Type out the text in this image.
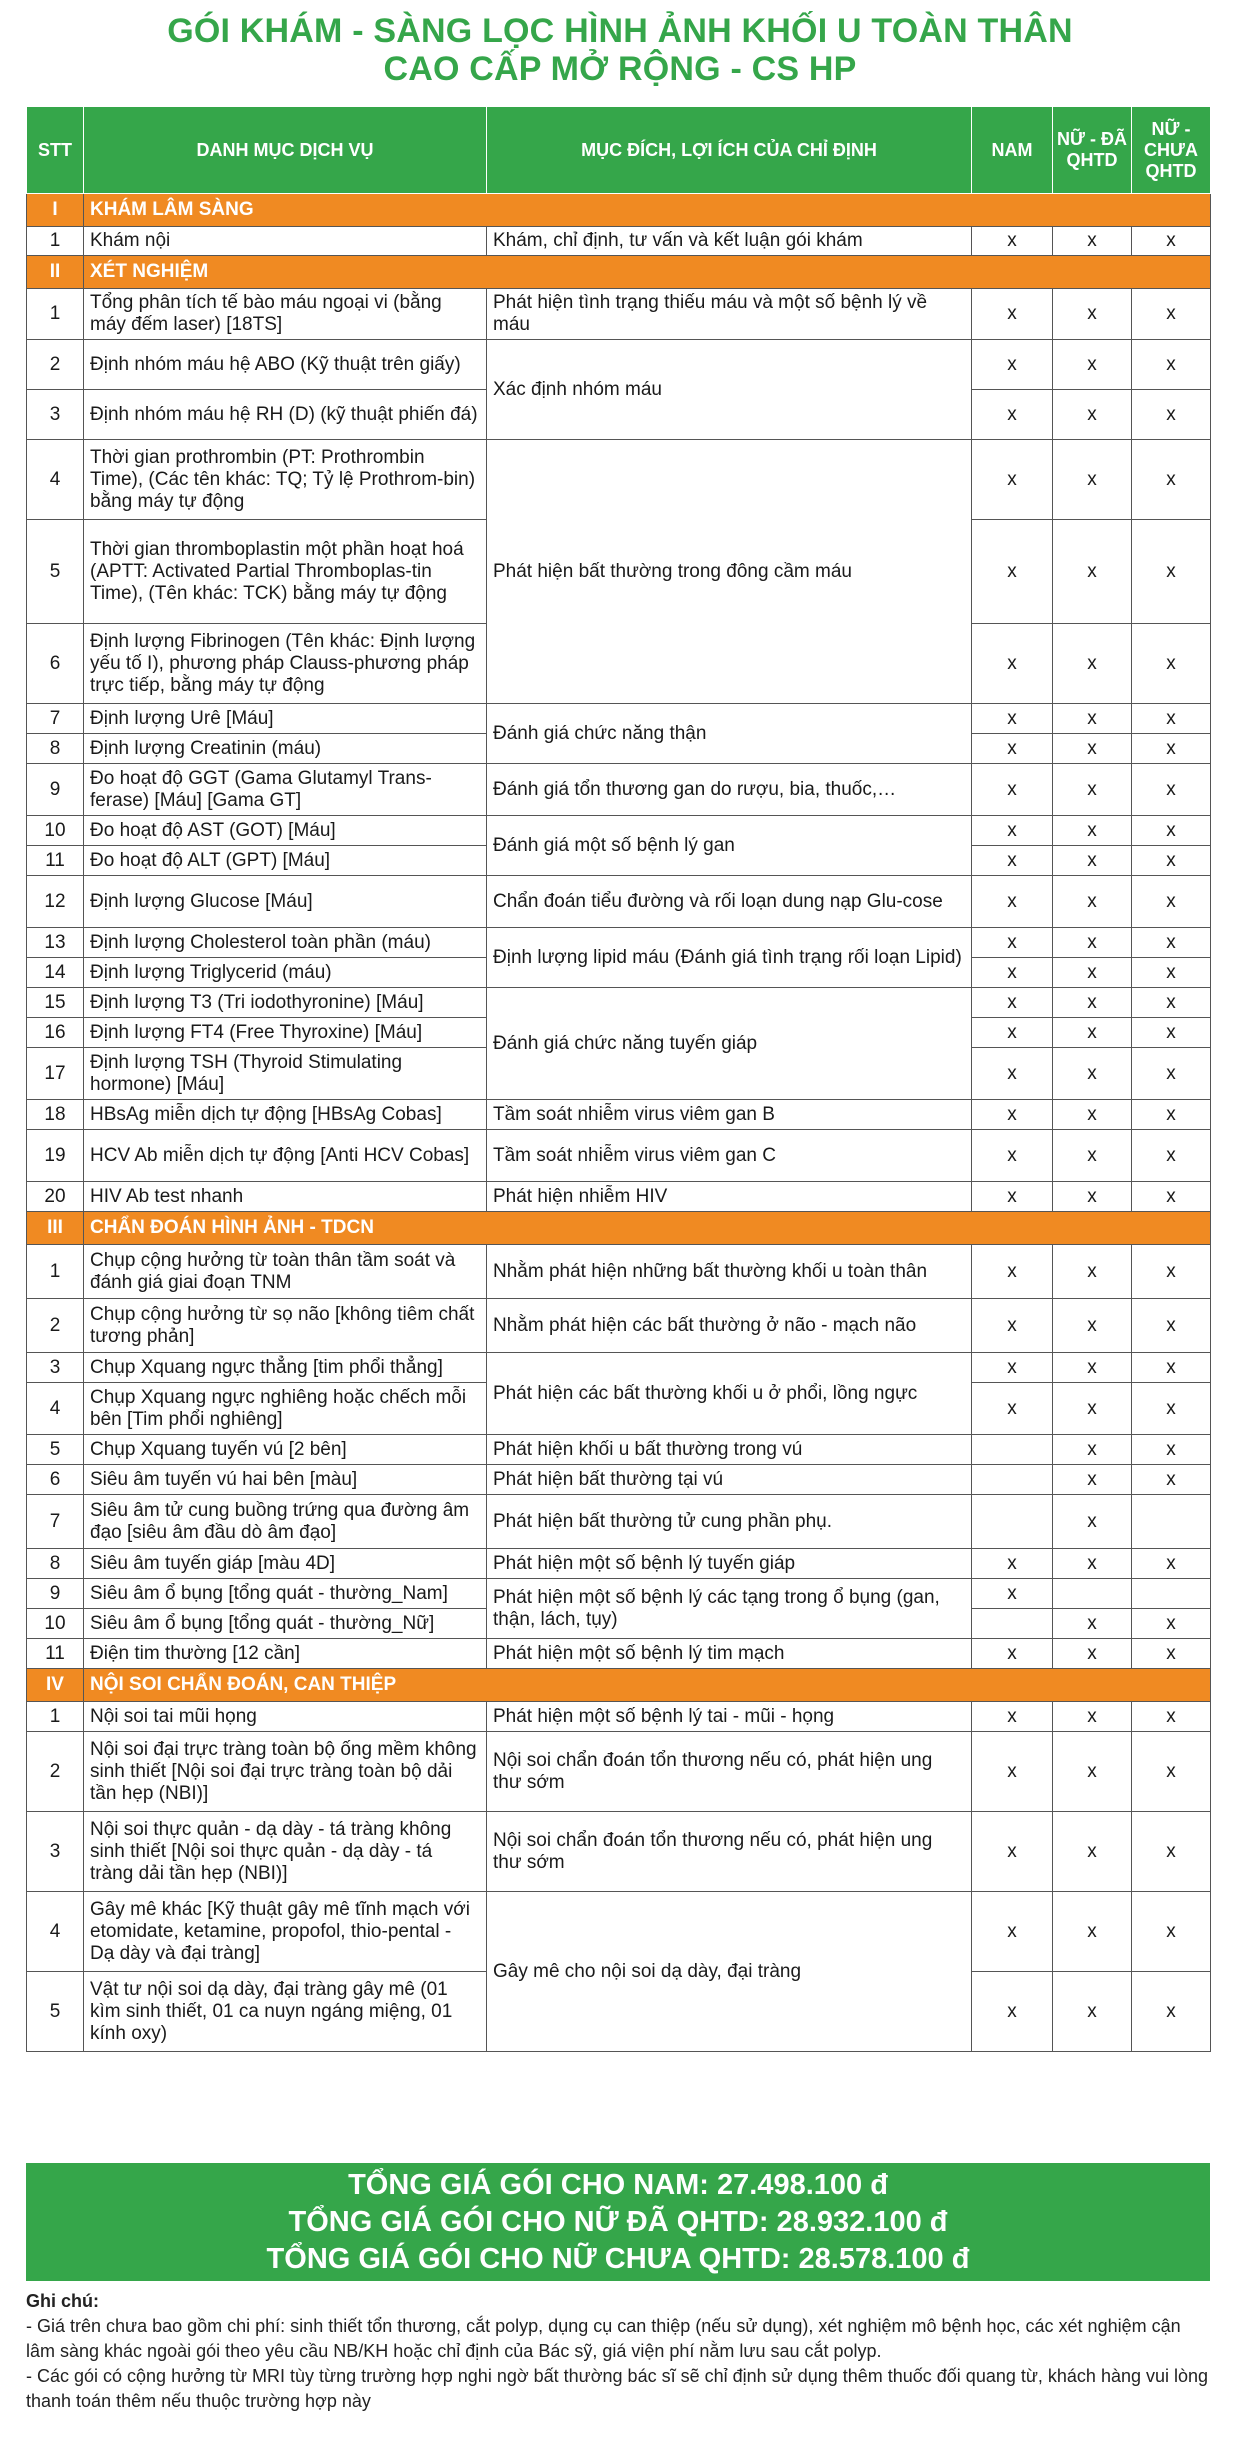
GÓI KHÁM - SÀNG LỌC HÌNH ẢNH KHỐI U TOÀN THÂN
CAO CẤP MỞ RỘNG - CS HP
STT	DANH MỤC DỊCH VỤ	MỤC ĐÍCH, LỢI ÍCH CỦA CHỈ ĐỊNH	NAM	NỮ - ĐÃ QHTD	NỮ - CHƯA QHTD
I	KHÁM LÂM SÀNG				
1	Khám nội	Khám, chỉ định, tư vấn và kết luận gói khám	x	x	x
II	XÉT NGHIỆM				
1	Tổng phân tích tế bào máu ngoại vi (bằng máy đếm laser) [18TS]	Phát hiện tình trạng thiếu máu và một số bệnh lý về máu	x	x	x
2	Định nhóm máu hệ ABO (Kỹ thuật trên giấy)	Xác định nhóm máu	x	x	x
3	Định nhóm máu hệ RH (D) (kỹ thuật phiến đá)		x	x	x
4	Thời gian prothrombin (PT: Prothrombin Time), (Các tên khác: TQ; Tỷ lệ Prothrom-bin) bằng máy tự động	Phát hiện bất thường trong đông cầm máu	x	x	x
5	Thời gian thromboplastin một phần hoạt hoá (APTT: Activated Partial Thromboplas-tin Time), (Tên khác: TCK) bằng máy tự động		x	x	x
6	Định lượng Fibrinogen (Tên khác: Định lượng yếu tố I), phương pháp Clauss-phương pháp trực tiếp, bằng máy tự động		x	x	x
7	Định lượng Urê [Máu]	Đánh giá chức năng thận	x	x	x
8	Định lượng Creatinin (máu)		x	x	x
9	Đo hoạt độ GGT (Gama Glutamyl Trans-ferase) [Máu] [Gama GT]	Đánh giá tổn thương gan do rượu, bia, thuốc,…	x	x	x
10	Đo hoạt độ AST (GOT) [Máu]	Đánh giá một số bệnh lý gan	x	x	x
11	Đo hoạt độ ALT (GPT) [Máu]		x	x	x
12	Định lượng Glucose [Máu]	Chẩn đoán tiểu đường và rối loạn dung nạp Glu-cose	x	x	x
13	Định lượng Cholesterol toàn phần (máu)	Định lượng lipid máu (Đánh giá tình trạng rối loạn Lipid)	x	x	x
14	Định lượng Triglycerid (máu)		x	x	x
15	Định lượng T3 (Tri iodothyronine) [Máu]	Đánh giá chức năng tuyến giáp	x	x	x
16	Định lượng FT4 (Free Thyroxine) [Máu]		x	x	x
17	Định lượng TSH (Thyroid Stimulating hormone) [Máu]		x	x	x
18	HBsAg miễn dịch tự động [HBsAg Cobas]	Tầm soát nhiễm virus viêm gan B	x	x	x
19	HCV Ab miễn dịch tự động [Anti HCV Cobas]	Tầm soát nhiễm virus viêm gan C	x	x	x
20	HIV Ab test nhanh	Phát hiện nhiễm HIV	x	x	x
III	CHẨN ĐOÁN HÌNH ẢNH - TDCN				
1	Chụp cộng hưởng từ toàn thân tầm soát và đánh giá giai đoạn TNM	Nhằm phát hiện những bất thường khối u toàn thân	x	x	x
2	Chụp cộng hưởng từ sọ não [không tiêm chất tương phản]	Nhằm phát hiện các bất thường ở não - mạch não	x	x	x
3	Chụp Xquang ngực thẳng [tim phổi thẳng]	Phát hiện các bất thường khối u ở phổi, lồng ngực	x	x	x
4	Chụp Xquang ngực nghiêng hoặc chếch mỗi bên [Tim phổi nghiêng]		x	x	x
5	Chụp Xquang tuyến vú [2 bên]	Phát hiện khối u bất thường trong vú		x	x
6	Siêu âm tuyến vú hai bên [màu]	Phát hiện bất thường tại vú		x	x
7	Siêu âm tử cung buồng trứng qua đường âm đạo [siêu âm đầu dò âm đạo]	Phát hiện bất thường tử cung phần phụ.		x	
8	Siêu âm tuyến giáp [màu 4D]	Phát hiện một số bệnh lý tuyến giáp	x	x	x
9	Siêu âm ổ bụng [tổng quát - thường_Nam]	Phát hiện một số bệnh lý các tạng trong ổ bụng (gan, thận, lách, tụy)	x		
10	Siêu âm ổ bụng [tổng quát - thường_Nữ]			x	x
11	Điện tim thường [12 cần]	Phát hiện một số bệnh lý tim mạch	x	x	x
IV	NỘI SOI CHẨN ĐOÁN, CAN THIỆP				
1	Nội soi tai mũi họng	Phát hiện một số bệnh lý tai - mũi - họng	x	x	x
2	Nội soi đại trực tràng toàn bộ ống mềm không sinh thiết [Nội soi đại trực tràng toàn bộ dải tần hẹp (NBI)]	Nội soi chẩn đoán tổn thương nếu có, phát hiện ung thư sớm	x	x	x
3	Nội soi thực quản - dạ dày - tá tràng không sinh thiết [Nội soi thực quản - dạ dày - tá tràng dải tần hẹp (NBI)]	Nội soi chẩn đoán tổn thương nếu có, phát hiện ung thư sớm	x	x	x
4	Gây mê khác [Kỹ thuật gây mê tĩnh mạch với etomidate, ketamine, propofol, thio-pental - Dạ dày và đại tràng]	Gây mê cho nội soi dạ dày, đại tràng	x	x	x
5	Vật tư nội soi dạ dày, đại tràng gây mê (01 kìm sinh thiết, 01 ca nuyn ngáng miệng, 01 kính oxy)		x	x	x
TỔNG GIÁ GÓI CHO NAM: 27.498.100 đ
TỔNG GIÁ GÓI CHO NỮ ĐÃ QHTD: 28.932.100 đ
TỔNG GIÁ GÓI CHO NỮ CHƯA QHTD: 28.578.100 đ
Ghi chú:
- Giá trên chưa bao gồm chi phí: sinh thiết tổn thương, cắt polyp, dụng cụ can thiệp (nếu sử dụng), xét nghiệm mô bệnh học, các xét nghiệm cận lâm sàng khác ngoài gói theo yêu cầu NB/KH hoặc chỉ định của Bác sỹ, giá viện phí nằm lưu sau cắt polyp.
- Các gói có cộng hưởng từ MRI tùy từng trường hợp nghi ngờ bất thường bác sĩ sẽ chỉ định sử dụng thêm thuốc đối quang từ, khách hàng vui lòng thanh toán thêm nếu thuộc trường hợp này
